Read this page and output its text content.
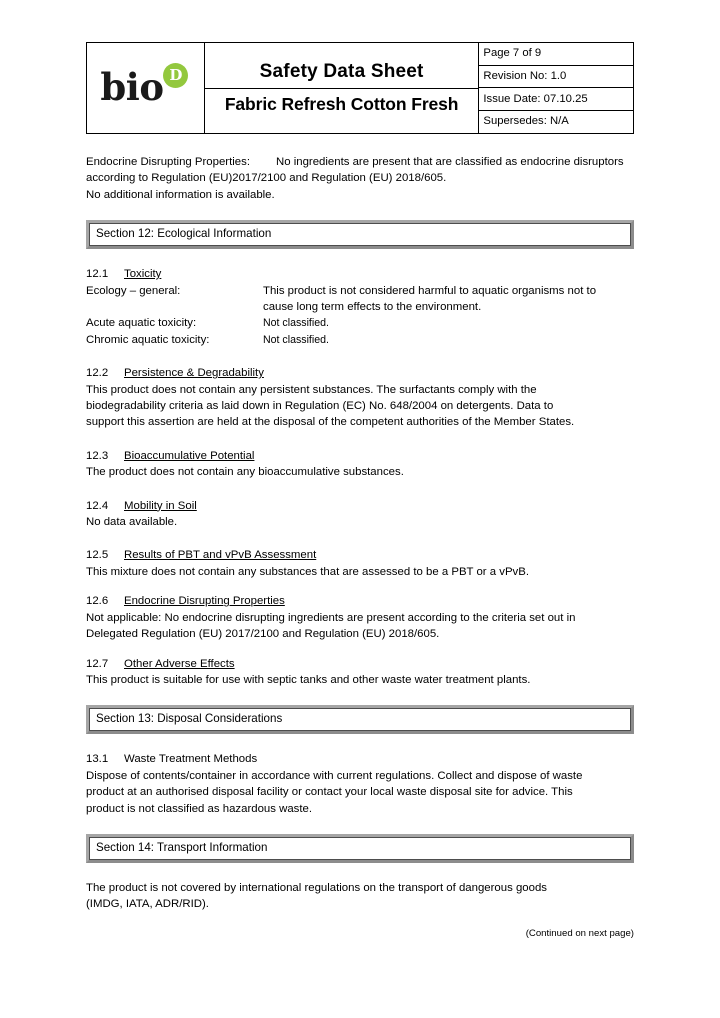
bio D	Safety Data Sheet
Fabric Refresh Cotton Fresh

Page 7 of 9
Revision No: 1.0
Issue Date: 07.10.25
Supersedes: N/A

Endocrine Disrupting Properties: No ingredients are present that are classified as endocrine disruptors
according to Regulation (EU)2017/2100 and Regulation (EU) 2018/605.
No additional information is available.
Section 12: Ecological Information
12.1 Toxicity
Ecology – general:	This product is not considered harmful to aquatic organisms not to
cause long term effects to the environment.
Acute aquatic toxicity:	Not classified.
Chromic aquatic toxicity:	Not classified.
12.2 Persistence & Degradability
This product does not contain any persistent substances. The surfactants comply with the
biodegradability criteria as laid down in Regulation (EC) No. 648/2004 on detergents. Data to
support this assertion are held at the disposal of the competent authorities of the Member States.
12.3 Bioaccumulative Potential
The product does not contain any bioaccumulative substances.
12.4 Mobility in Soil
No data available.
12.5 Results of PBT and vPvB Assessment
This mixture does not contain any substances that are assessed to be a PBT or a vPvB.
12.6 Endocrine Disrupting Properties
Not applicable: No endocrine disrupting ingredients are present according to the criteria set out in
Delegated Regulation (EU) 2017/2100 and Regulation (EU) 2018/605.
12.7 Other Adverse Effects
This product is suitable for use with septic tanks and other waste water treatment plants.
Section 13: Disposal Considerations
13.1 Waste Treatment Methods
Dispose of contents/container in accordance with current regulations. Collect and dispose of waste
product at an authorised disposal facility or contact your local waste disposal site for advice. This
product is not classified as hazardous waste.
Section 14: Transport Information
The product is not covered by international regulations on the transport of dangerous goods
(IMDG, IATA, ADR/RID).
(Continued on next page)
